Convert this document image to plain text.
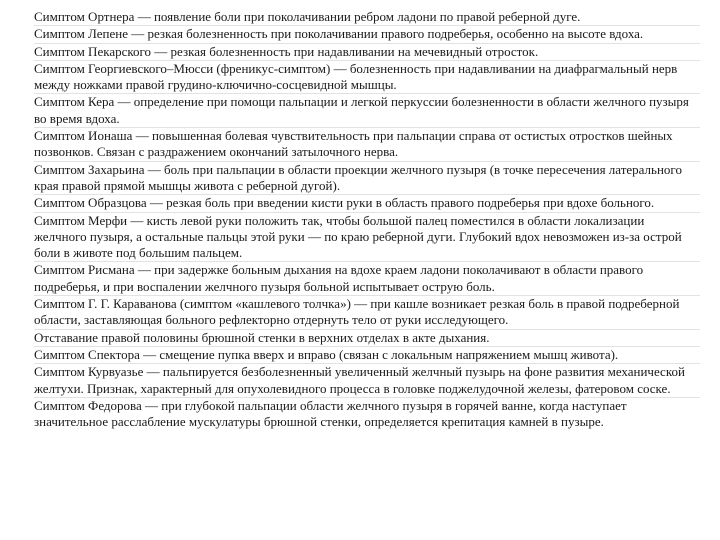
Симптом Ортнера — появление боли при поколачивании ребром ладони по правой реберной дуге.

Симптом Лепене — резкая болезненность при поколачивании правого подреберья, особенно на высоте вдоха.

Симптом Пекарского — резкая болезненность при надавливании на мечевидный отросток.

Симптом Георгиевского–Мюсси (френикус-симптом) — болезненность при надавливании на диафрагмальный нерв между ножками правой грудино-ключично-сосцевидной мышцы.

Симптом Кера — определение при помощи пальпации и легкой перкуссии болезненности в области желчного пузыря во время вдоха.

Симптом Ионаша — повышенная болевая чувствительность при пальпации справа от остистых отростков шейных позвонков. Связан с раздражением окончаний затылочного нерва.

Симптом Захарьина — боль при пальпации в области проекции желчного пузыря (в точке пересечения латерального края правой прямой мышцы живота с реберной дугой).

Симптом Образцова — резкая боль при введении кисти руки в область правого подреберья при вдохе больного.

Симптом Мерфи — кисть левой руки положить так, чтобы большой палец поместился в области локализации желчного пузыря, а остальные пальцы этой руки — по краю реберной дуги. Глубокий вдох невозможен из-за острой боли в животе под большим пальцем.

Симптом Рисмана — при задержке больным дыхания на вдохе краем ладони поколачивают в области правого подреберья, и при воспалении желчного пузыря больной испытывает острую боль.

Симптом Г. Г. Караванова (симптом «кашлевого толчка») — при кашле возникает резкая боль в правой подреберной области, заставляющая больного рефлекторно отдернуть тело от руки исследующего.

Отставание правой половины брюшной стенки в верхних отделах в акте дыхания.

Симптом Спектора — смещение пупка вверх и вправо (связан с локальным напряжением мышц живота).

Симптом Курвуазье — пальпируется безболезненный увеличенный желчный пузырь на фоне развития механической желтухи. Признак, характерный для опухолевидного процесса в головке поджелудочной железы, фатеровом соске.

Симптом Федорова — при глубокой пальпации области желчного пузыря в горячей ванне, когда наступает значительное расслабление мускулатуры брюшной стенки, определяется крепитация камней в пузыре.
